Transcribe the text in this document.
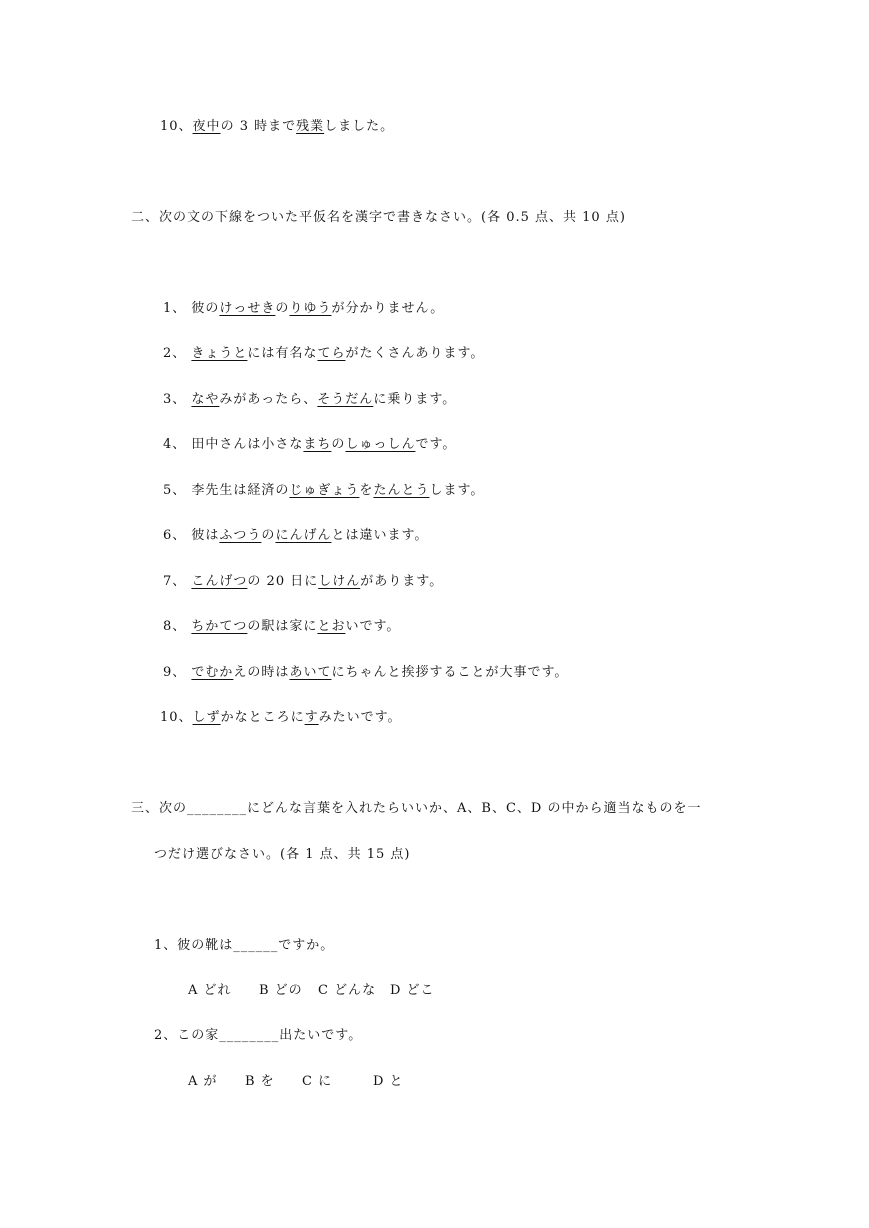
10、夜中の 3 時まで残業しました。
二、次の文の下線をついた平仮名を漢字で書きなさい。(各 0.5 点、共 10 点)
1、 彼のけっせきのりゆうが分かりません。
2、 きょうとには有名なてらがたくさんあります。
3、 なやみがあったら、そうだんに乗ります。
4、 田中さんは小さなまちのしゅっしんです。
5、 李先生は経済のじゅぎょうをたんとうします。
6、 彼はふつうのにんげんとは違います。
7、 こんげつの 20 日にしけんがあります。
8、 ちかてつの駅は家にとおいです。
9、 でむかえの時はあいてにちゃんと挨拶することが大事です。
10、しずかなところにすみたいです。
三、次の________にどんな言葉を入れたらいいか、A、B、C、D の中から適当なものを一
つだけ選びなさい。(各 1 点、共 15 点)
1、彼の靴は______ですか。
A どれ B どの C どんな D どこ
2、この家________出たいです。
A が B を C に	D と
